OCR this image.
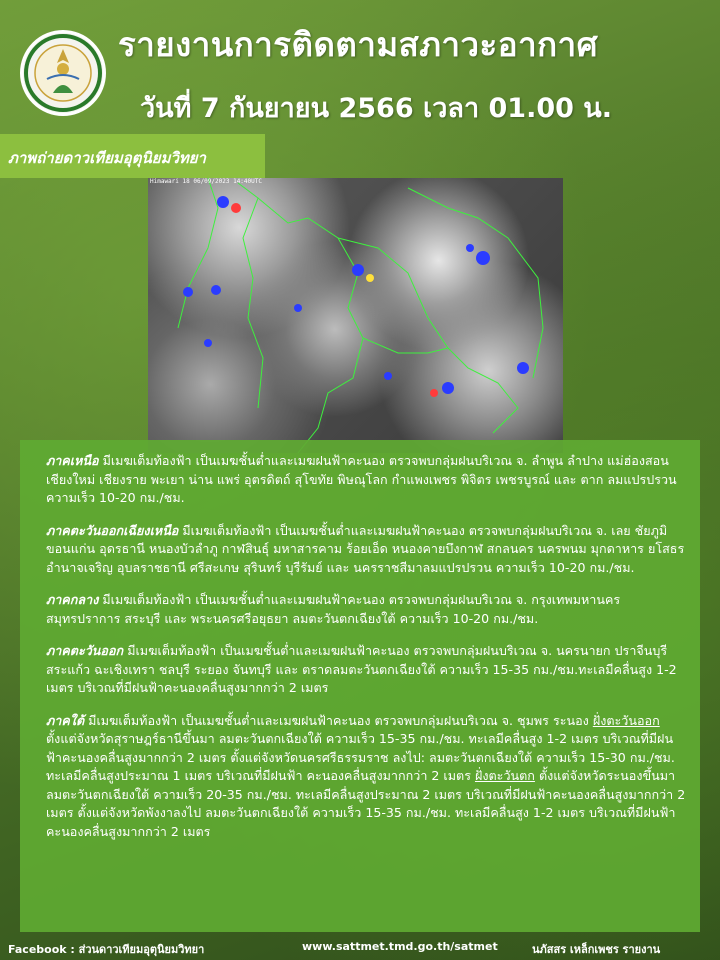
รายงานการติดตามสภาวะอากาศ
วันที่ 7 กันยายน 2566 เวลา 01.00 น.
ภาพถ่ายดาวเทียมอุตุนิยมวิทยา
Himawari 18 06/09/2023 14:40UTC

ภาคเหนือ มีเมฆเต็มท้องฟ้า เป็นเมฆชั้นต่ำและเมฆฝนฟ้าคะนอง ตรวจพบกลุ่มฝนบริเวณ จ. ลำพูน ลำปาง แม่ฮ่องสอน เชียงใหม่ เชียงราย พะเยา น่าน แพร่ อุตรดิตถ์ สุโขทัย พิษณุโลก กำแพงเพชร พิจิตร เพชรบูรณ์ และ ตาก ลมแปรปรวน ความเร็ว 10-20 กม./ชม.

ภาคตะวันออกเฉียงเหนือ มีเมฆเต็มท้องฟ้า เป็นเมฆชั้นต่ำและเมฆฝนฟ้าคะนอง ตรวจพบกลุ่มฝนบริเวณ จ. เลย ชัยภูมิ ขอนแก่น อุดรธานี หนองบัวลำภู กาฬสินธุ์ มหาสารคาม ร้อยเอ็ด หนองคายบึงกาฬ สกลนคร นครพนม มุกดาหาร ยโสธร อำนาจเจริญ อุบลราชธานี ศรีสะเกษ สุรินทร์ บุรีรัมย์ และ นครราชสีมาลมแปรปรวน ความเร็ว 10-20 กม./ชม.

ภาคกลาง มีเมฆเต็มท้องฟ้า เป็นเมฆชั้นต่ำและเมฆฝนฟ้าคะนอง ตรวจพบกลุ่มฝนบริเวณ จ. กรุงเทพมหานคร สมุทรปราการ สระบุรี และ พระนครศรีอยุธยา ลมตะวันตกเฉียงใต้ ความเร็ว 10-20 กม./ชม.

ภาคตะวันออก มีเมฆเต็มท้องฟ้า เป็นเมฆชั้นต่ำและเมฆฝนฟ้าคะนอง ตรวจพบกลุ่มฝนบริเวณ จ. นครนายก ปราจีนบุรี สระแก้ว ฉะเชิงเทรา ชลบุรี ระยอง จันทบุรี และ ตราดลมตะวันตกเฉียงใต้ ความเร็ว 15-35 กม./ชม.ทะเลมีคลื่นสูง 1-2 เมตร บริเวณที่มีฝนฟ้าคะนองคลื่นสูงมากกว่า 2 เมตร

ภาคใต้ มีเมฆเต็มท้องฟ้า เป็นเมฆชั้นต่ำและเมฆฝนฟ้าคะนอง ตรวจพบกลุ่มฝนบริเวณ จ. ชุมพร ระนอง ฝั่งตะวันออก ตั้งแต่จังหวัดสุราษฎร์ธานีขึ้นมา ลมตะวันตกเฉียงใต้ ความเร็ว 15-35 กม./ชม. ทะเลมีคลื่นสูง 1-2 เมตร บริเวณที่มีฝนฟ้าคะนองคลื่นสูงมากกว่า 2 เมตร ตั้งแต่จังหวัดนครศรีธรรมราช ลงไป: ลมตะวันตกเฉียงใต้ ความเร็ว 15-30 กม./ชม. ทะเลมีคลื่นสูงประมาณ 1 เมตร บริเวณที่มีฝนฟ้า คะนองคลื่นสูงมากกว่า 2 เมตร ฝั่งตะวันตก ตั้งแต่จังหวัดระนองขึ้นมา ลมตะวันตกเฉียงใต้ ความเร็ว 20-35 กม./ชม. ทะเลมีคลื่นสูงประมาณ 2 เมตร บริเวณที่มีฝนฟ้าคะนองคลื่นสูงมากกว่า 2 เมตร ตั้งแต่จังหวัดพังงาลงไป ลมตะวันตกเฉียงใต้ ความเร็ว 15-35 กม./ชม. ทะเลมีคลื่นสูง 1-2 เมตร บริเวณที่มีฝนฟ้าคะนองคลื่นสูงมากกว่า 2 เมตร

Facebook : ส่วนดาวเทียมอุตุนิยมวิทยา	www.sattmet.tmd.go.th/satmet	นภัสสร เหล็กเพชร รายงาน
